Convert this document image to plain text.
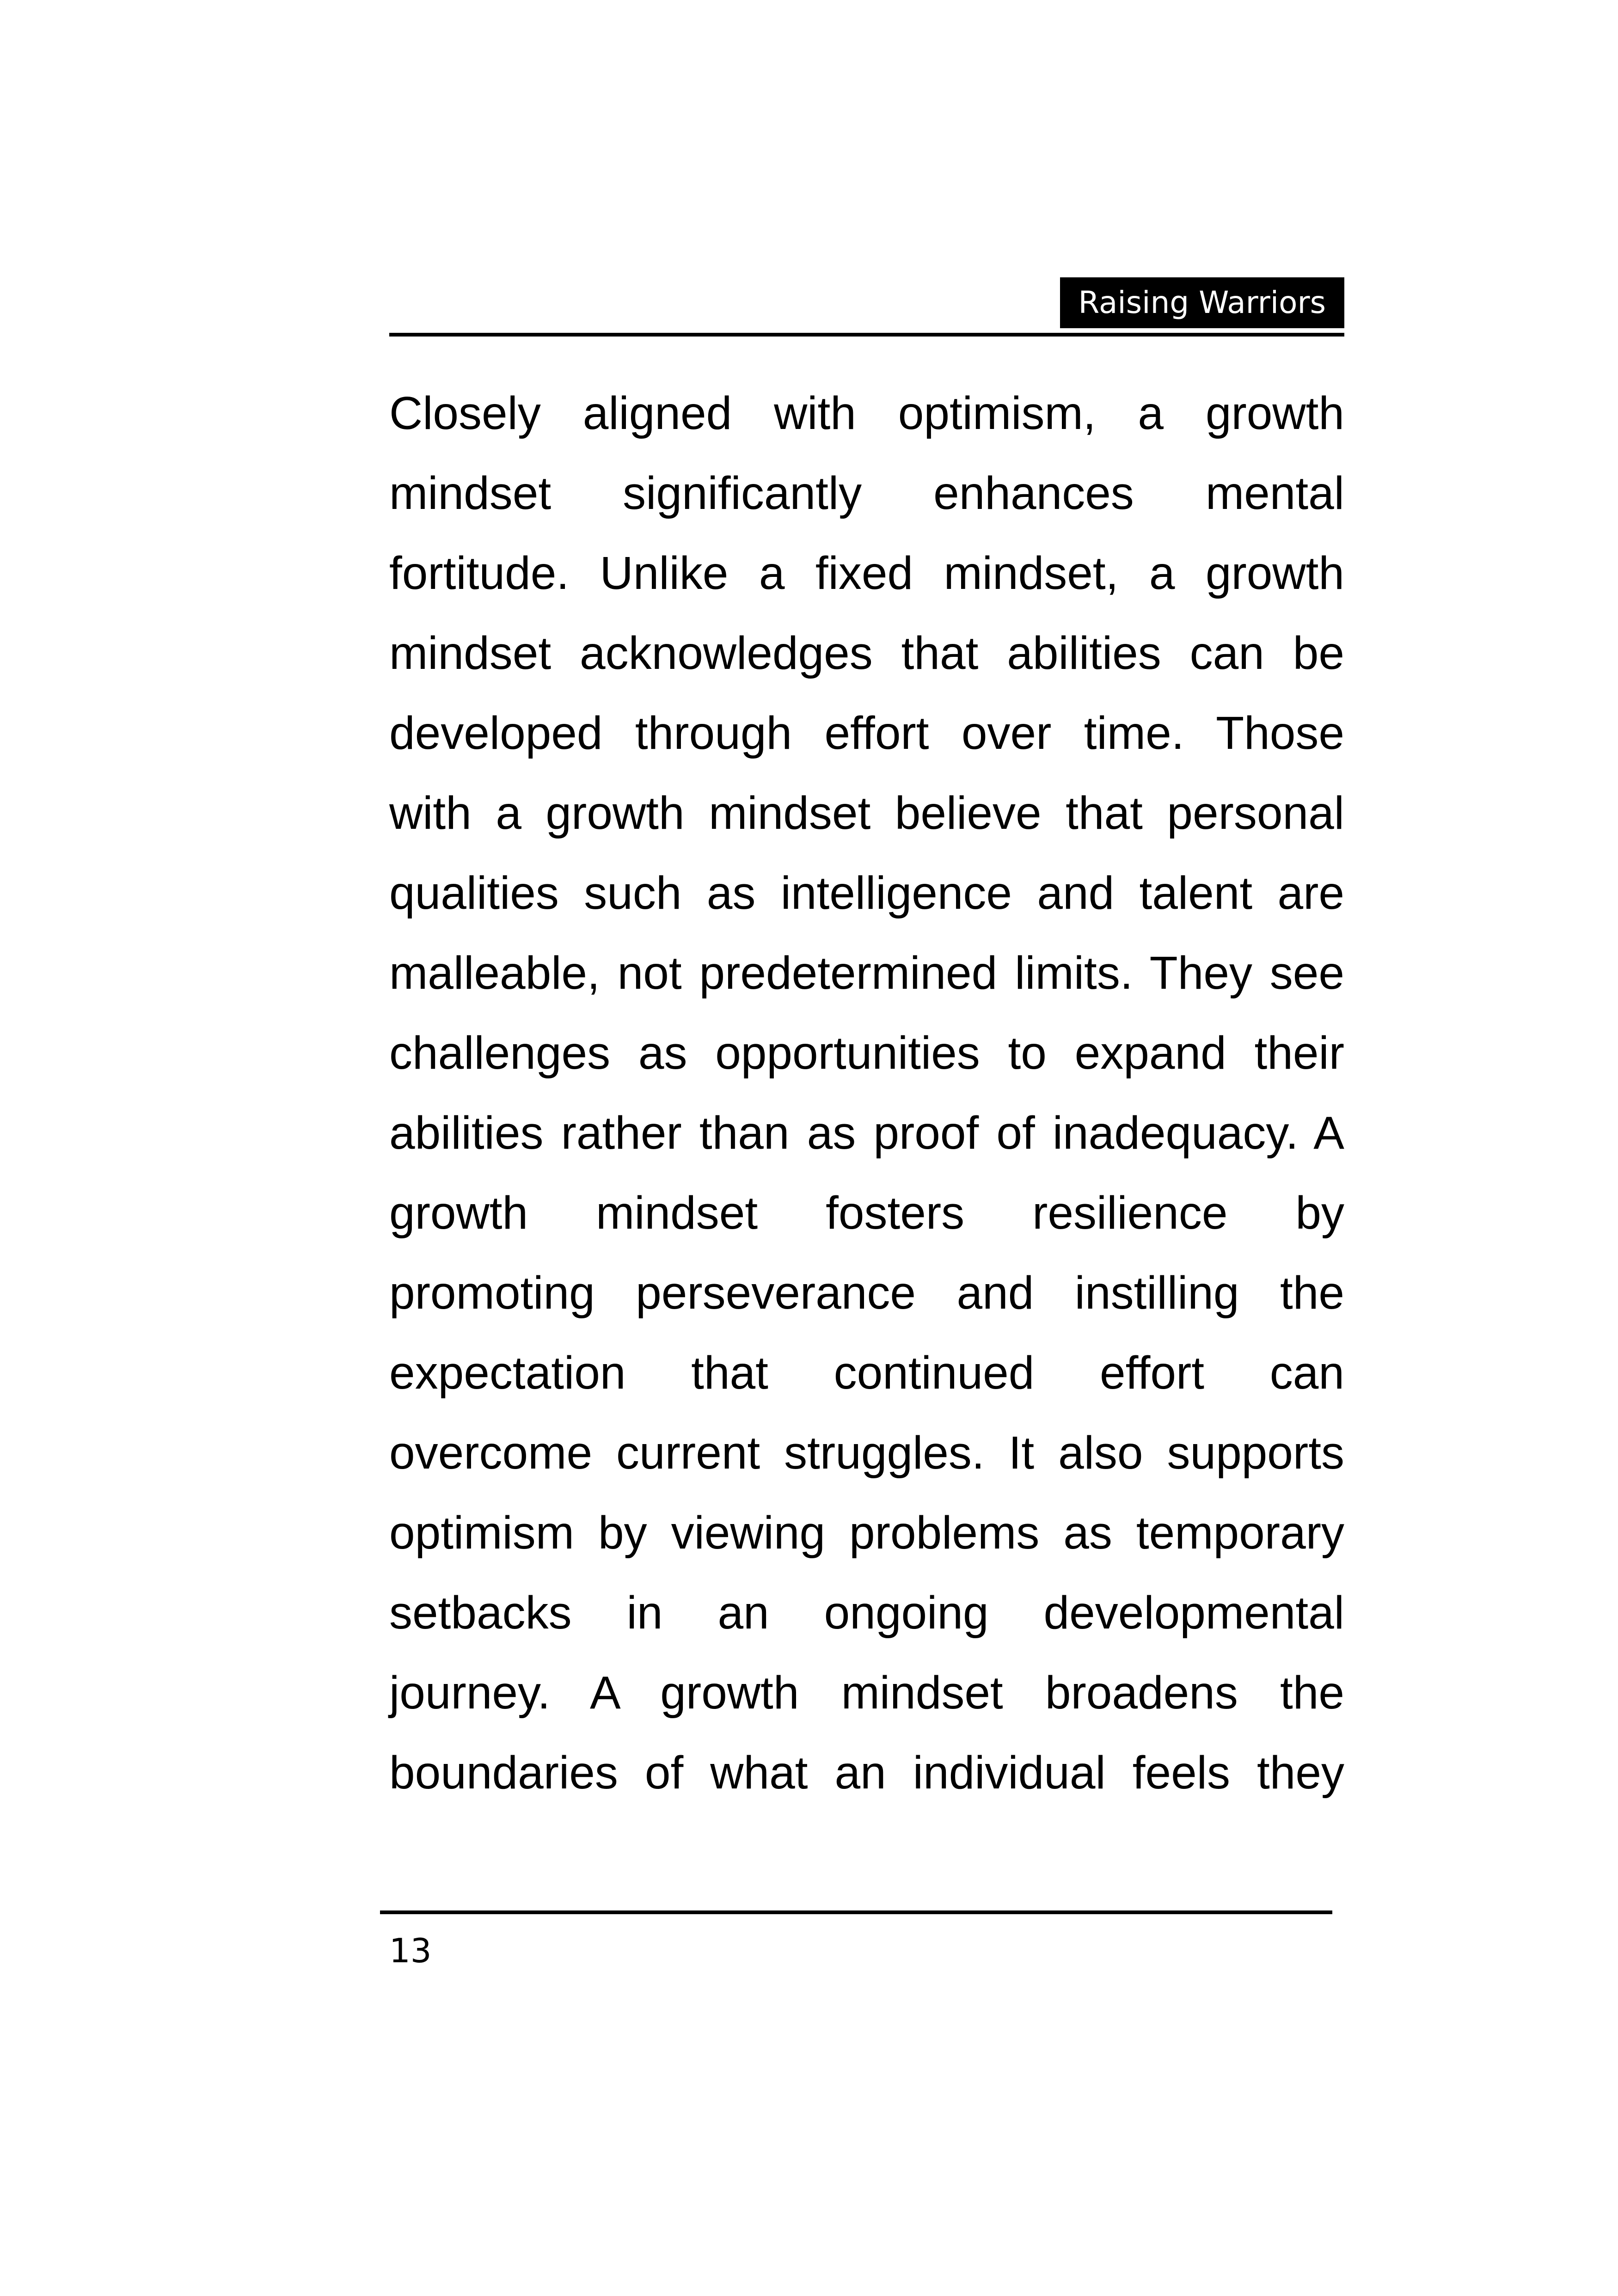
Raising Warriors
Closely aligned with optimism, a growth
mindset significantly enhances mental
fortitude. Unlike a fixed mindset, a growth
mindset acknowledges that abilities can be
developed through effort over time. Those
with a growth mindset believe that personal
qualities such as intelligence and talent are
malleable, not predetermined limits. They see
challenges as opportunities to expand their
abilities rather than as proof of inadequacy. A
growth mindset fosters resilience by
promoting perseverance and instilling the
expectation that continued effort can
overcome current struggles. It also supports
optimism by viewing problems as temporary
setbacks in an ongoing developmental
journey. A growth mindset broadens the
boundaries of what an individual feels they
13
